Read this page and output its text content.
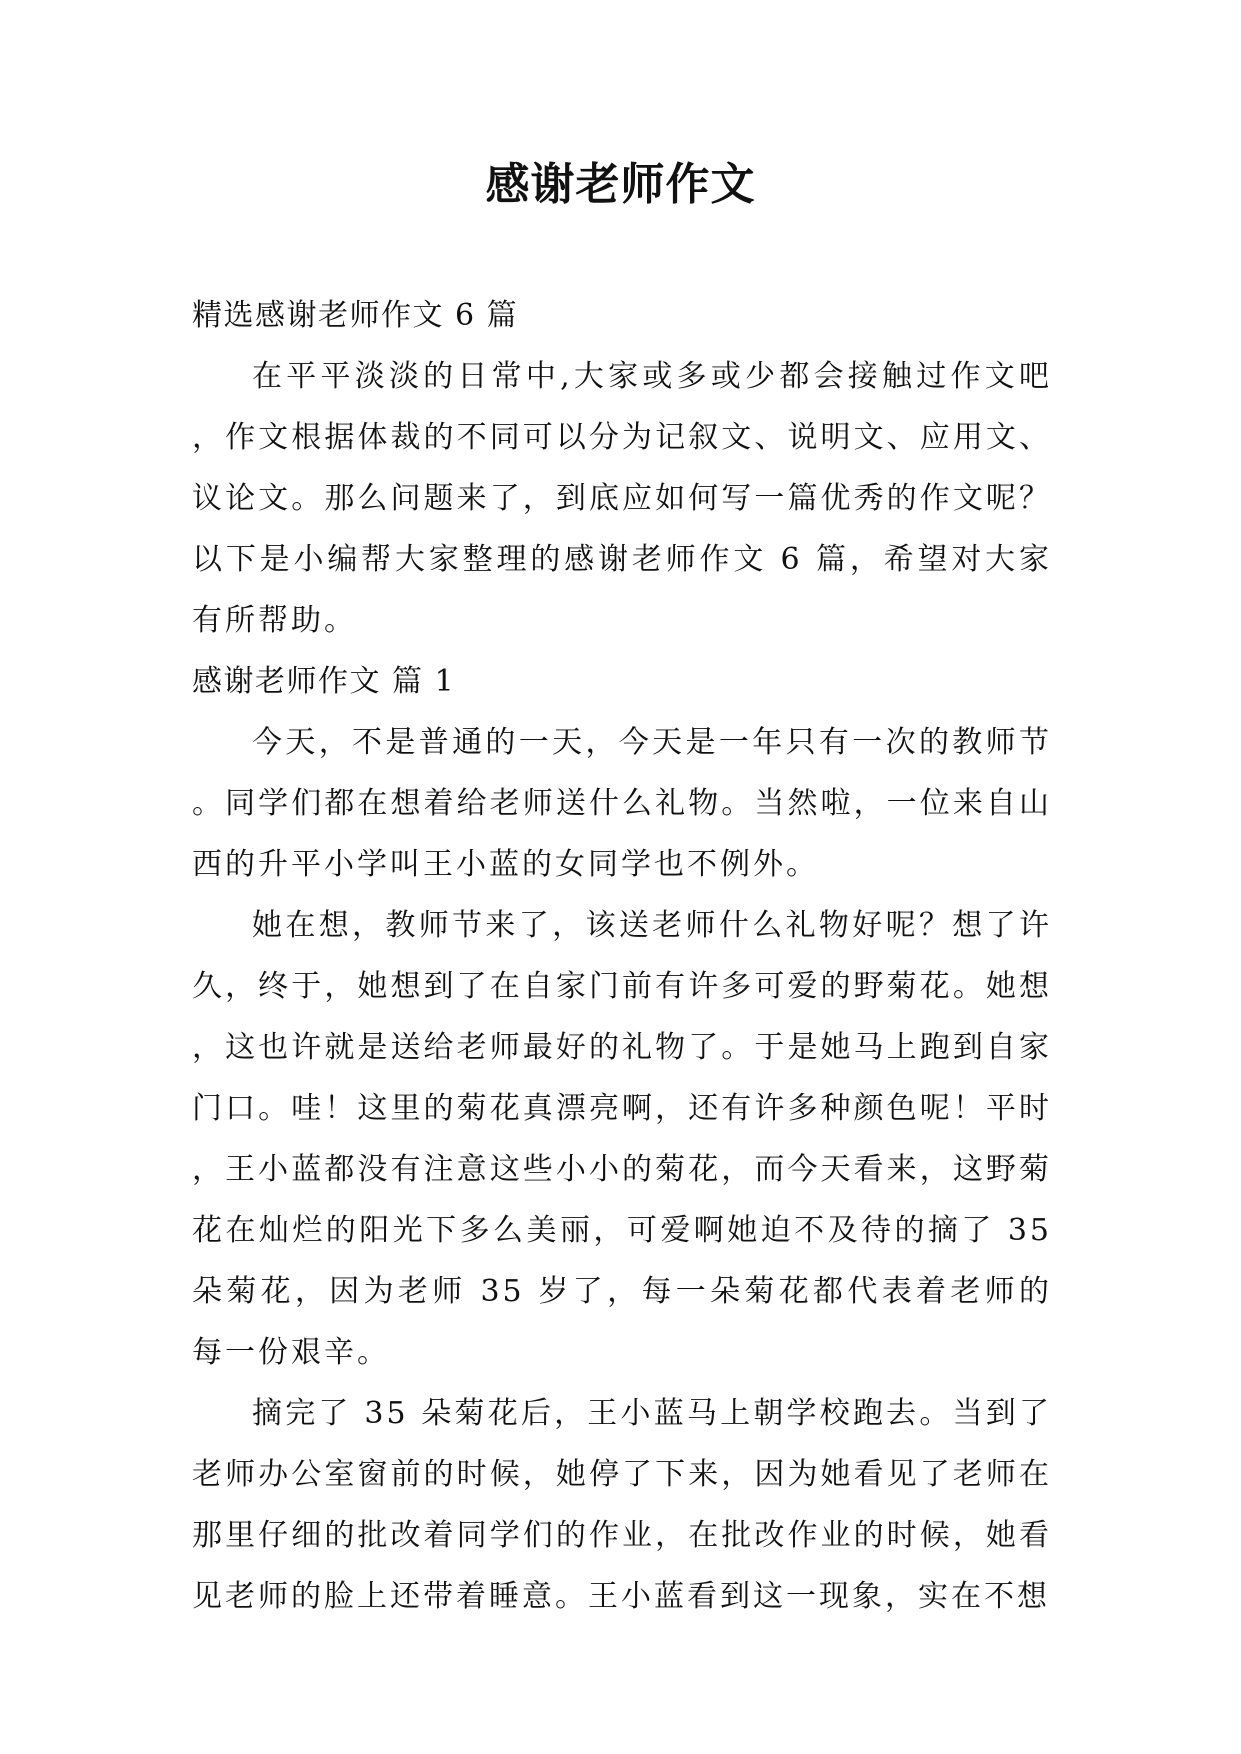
感谢老师作文

精选感谢老师作文 6 篇

在平平淡淡的日常中,大家或多或少都会接触过作文吧，作文根据体裁的不同可以分为记叙文、说明文、应用文、议论文。那么问题来了，到底应如何写一篇优秀的作文呢？以下是小编帮大家整理的感谢老师作文 6 篇，希望对大家有所帮助。

感谢老师作文 篇 1

今天，不是普通的一天，今天是一年只有一次的教师节。同学们都在想着给老师送什么礼物。当然啦，一位来自山西的升平小学叫王小蓝的女同学也不例外。

她在想，教师节来了，该送老师什么礼物好呢？想了许久，终于，她想到了在自家门前有许多可爱的野菊花。她想，这也许就是送给老师最好的礼物了。于是她马上跑到自家门口。哇！这里的菊花真漂亮啊，还有许多种颜色呢！平时，王小蓝都没有注意这些小小的菊花，而今天看来，这野菊花在灿烂的阳光下多么美丽，可爱啊她迫不及待的摘了 35 朵菊花，因为老师 35 岁了，每一朵菊花都代表着老师的每一份艰辛。

摘完了 35 朵菊花后，王小蓝马上朝学校跑去。当到了老师办公室窗前的时候，她停了下来，因为她看见了老师在那里仔细的批改着同学们的作业，在批改作业的时候，她看见老师的脸上还带着睡意。王小蓝看到这一现象，实在不想
